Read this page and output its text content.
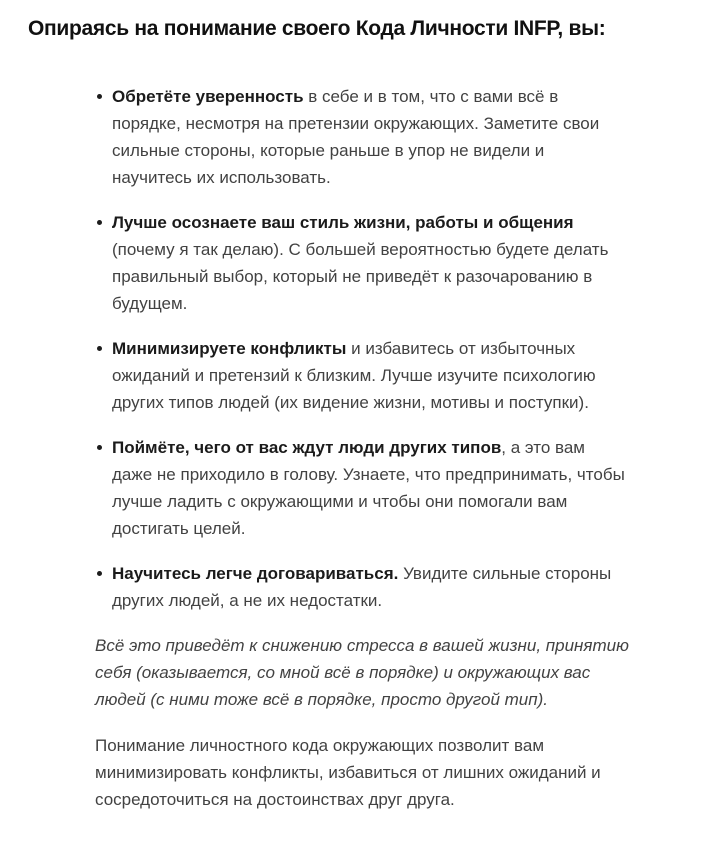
Опираясь на понимание своего Кода Личности INFP, вы:
Обретёте уверенность в себе и в том, что с вами всё в порядке, несмотря на претензии окружающих. Заметите свои сильные стороны, которые раньше в упор не видели и научитесь их использовать.
Лучше осознаете ваш стиль жизни, работы и общения (почему я так делаю). С большей вероятностью будете делать правильный выбор, который не приведёт к разочарованию в будущем.
Минимизируете конфликты и избавитесь от избыточных ожиданий и претензий к близким. Лучше изучите психологию других типов людей (их видение жизни, мотивы и поступки).
Поймёте, чего от вас ждут люди других типов, а это вам даже не приходило в голову. Узнаете, что предпринимать, чтобы лучше ладить с окружающими и чтобы они помогали вам достигать целей.
Научитесь легче договариваться. Увидите сильные стороны других людей, а не их недостатки.

Всё это приведёт к снижению стресса в вашей жизни, принятию себя (оказывается, со мной всё в порядке) и окружающих вас людей (с ними тоже всё в порядке, просто другой тип).

Понимание личностного кода окружающих позволит вам минимизировать конфликты, избавиться от лишних ожиданий и сосредоточиться на достоинствах друг друга.
